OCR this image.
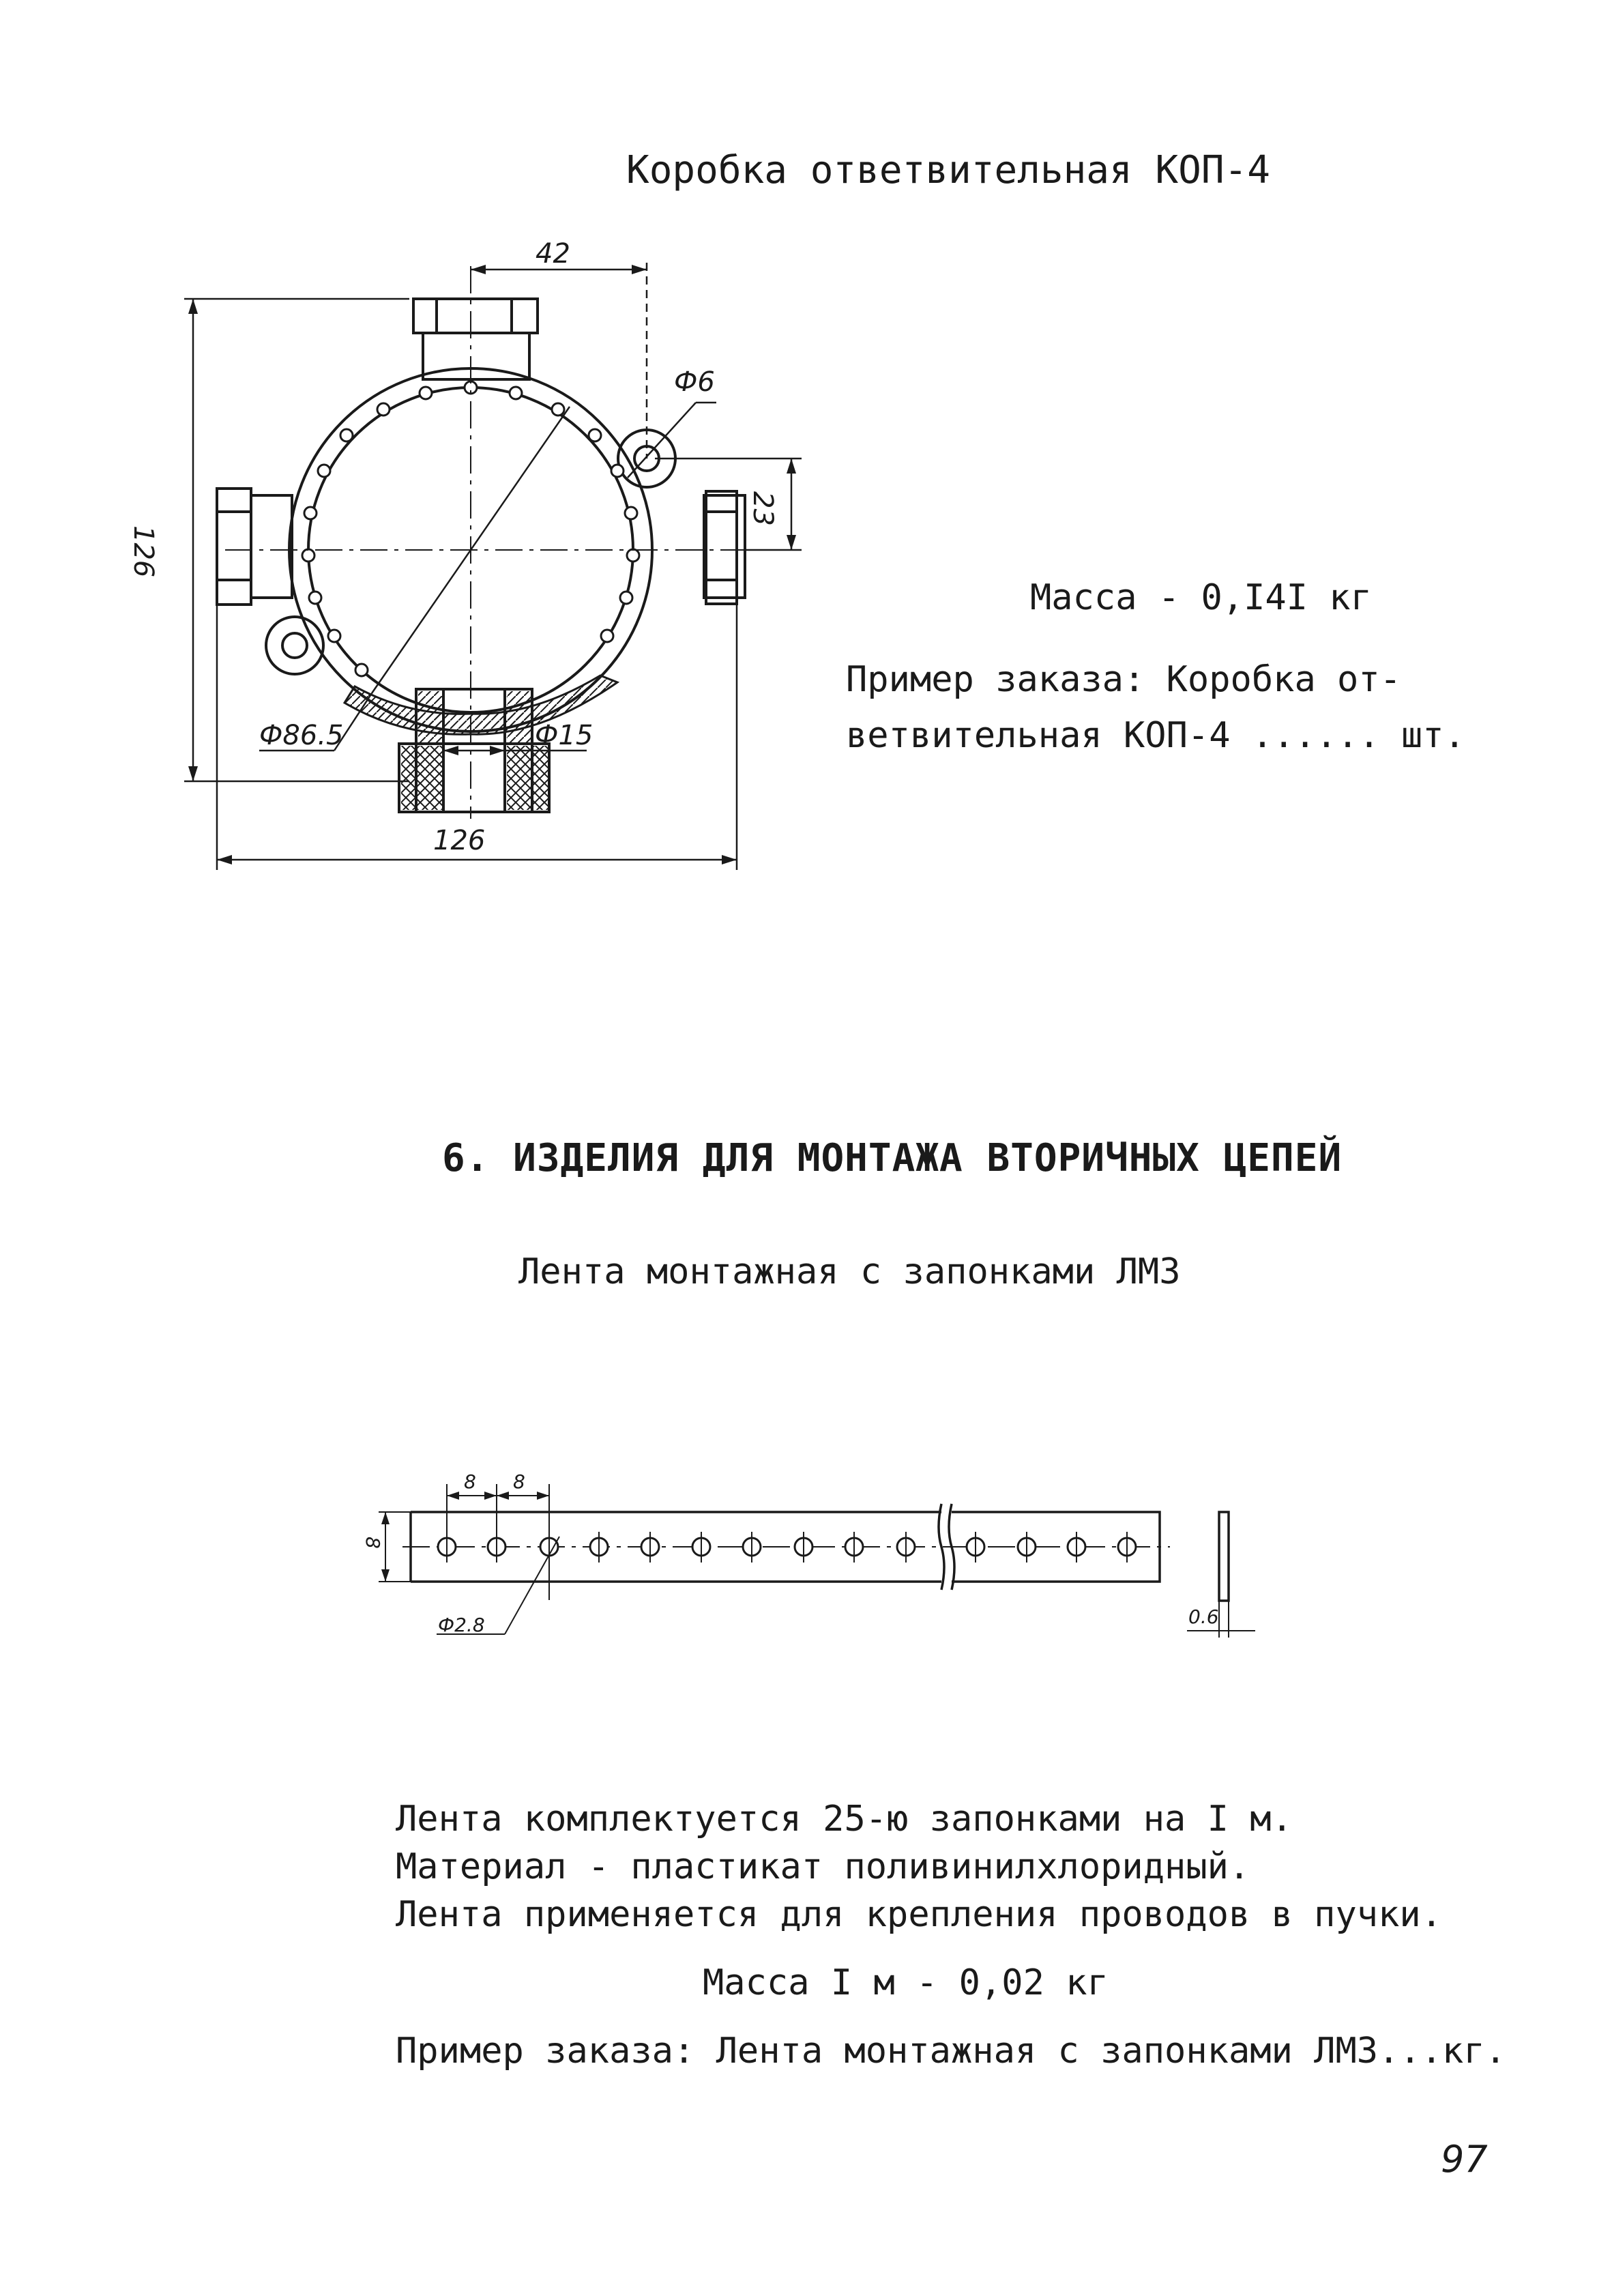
Коробка ответвительная КОП-4
42
Ф6
126
23
Ф86.5	Ф15
126
Масса - 0,I4I кг
Пример заказа: Коробка от-
ветвительная КОП-4 ...... шт.
6. ИЗДЕЛИЯ ДЛЯ МОНТАЖА ВТОРИЧНЫХ ЦЕПЕЙ
Лента монтажная с запонками ЛМЗ
8 8
8
Ф2.8	0.6
Лента комплектуется 25-ю запонками на I м.
Материал - пластикат поливинилхлоридный.
Лента применяется для крепления проводов в пучки.
Масса I м - 0,02 кг
Пример заказа: Лента монтажная с запонками ЛМЗ...кг.
97
